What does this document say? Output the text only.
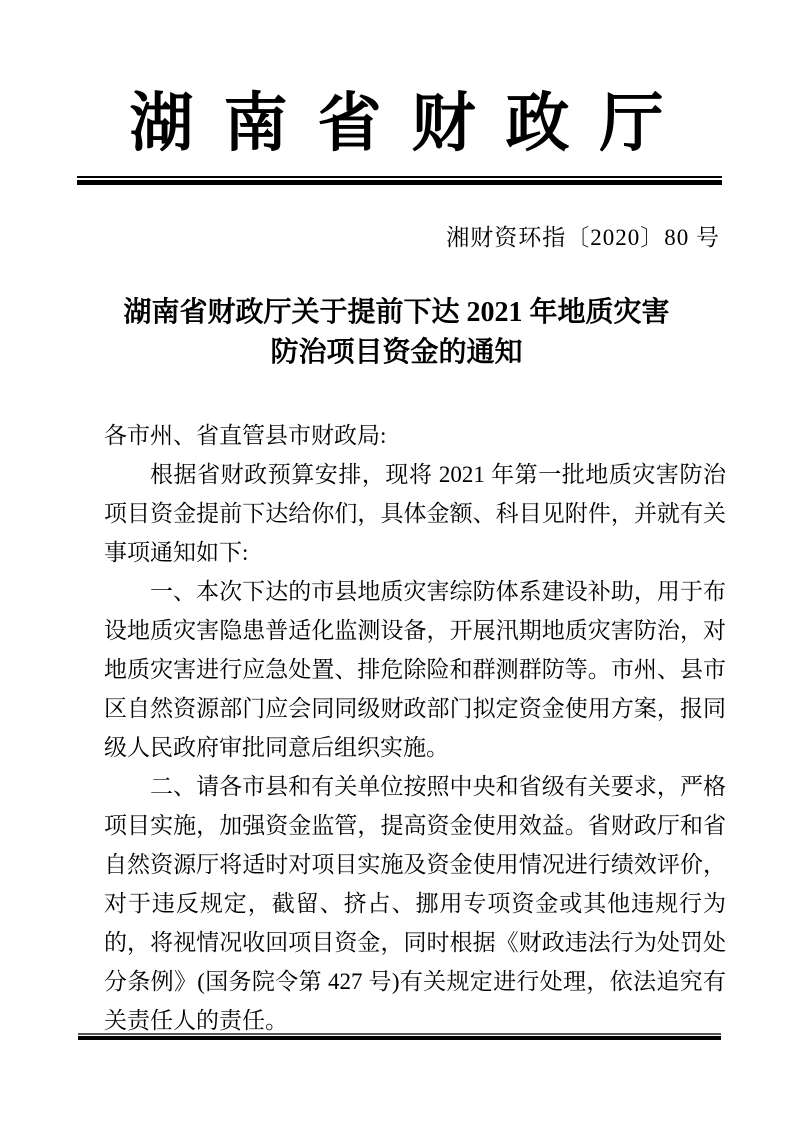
湖南省财政厅
湘财资环指〔2020〕80 号
湖南省财政厅关于提前下达 2021 年地质灾害
防治项目资金的通知

各市州、省直管县市财政局:

根据省财政预算安排，现将 2021 年第一批地质灾害防治项目资金提前下达给你们，具体金额、科目见附件，并就有关事项通知如下:

一、本次下达的市县地质灾害综防体系建设补助，用于布设地质灾害隐患普适化监测设备，开展汛期地质灾害防治，对地质灾害进行应急处置、排危除险和群测群防等。市州、县市区自然资源部门应会同同级财政部门拟定资金使用方案，报同级人民政府审批同意后组织实施。

二、请各市县和有关单位按照中央和省级有关要求，严格项目实施，加强资金监管，提高资金使用效益。省财政厅和省自然资源厅将适时对项目实施及资金使用情况进行绩效评价，对于违反规定，截留、挤占、挪用专项资金或其他违规行为的，将视情况收回项目资金，同时根据《财政违法行为处罚处分条例》(国务院令第 427 号)有关规定进行处理，依法追究有关责任人的责任。
